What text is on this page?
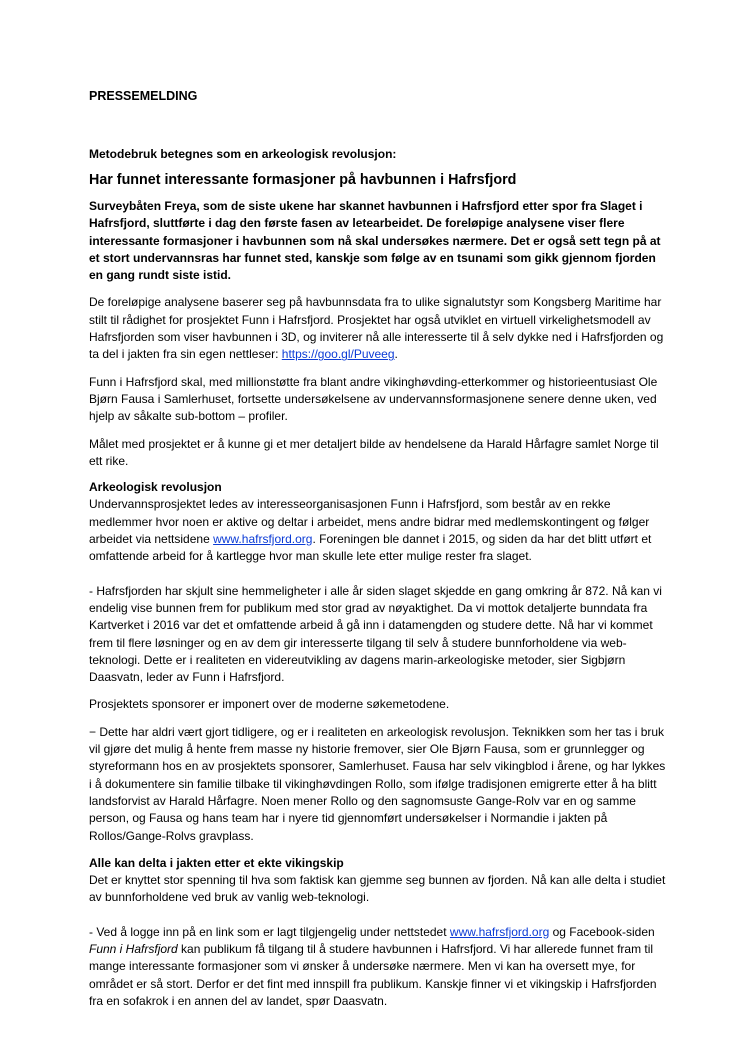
PRESSEMELDING

Metodebruk betegnes som en arkeologisk revolusjon:

Har funnet interessante formasjoner på havbunnen i Hafrsfjord

Surveybåten Freya, som de siste ukene har skannet havbunnen i Hafrsfjord etter spor fra Slaget i Hafrsfjord, sluttførte i dag den første fasen av letearbeidet. De foreløpige analysene viser flere interessante formasjoner i havbunnen som nå skal undersøkes nærmere. Det er også sett tegn på at et stort undervannsras har funnet sted, kanskje som følge av en tsunami som gikk gjennom fjorden en gang rundt siste istid.

De foreløpige analysene baserer seg på havbunnsdata fra to ulike signalutstyr som Kongsberg Maritime har stilt til rådighet for prosjektet Funn i Hafrsfjord. Prosjektet har også utviklet en virtuell virkelighetsmodell av Hafrsfjorden som viser havbunnen i 3D, og inviterer nå alle interesserte til å selv dykke ned i Hafrsfjorden og ta del i jakten fra sin egen nettleser: https://goo.gl/Puveeg.

Funn i Hafrsfjord skal, med millionstøtte fra blant andre vikinghøvding-etterkommer og historieentusiast Ole Bjørn Fausa i Samlerhuset, fortsette undersøkelsene av undervannsformasjonene senere denne uken, ved hjelp av såkalte sub-bottom – profiler.

Målet med prosjektet er å kunne gi et mer detaljert bilde av hendelsene da Harald Hårfagre samlet Norge til ett rike.

Arkeologisk revolusjon

Undervannsprosjektet ledes av interesseorganisasjonen Funn i Hafrsfjord, som består av en rekke medlemmer hvor noen er aktive og deltar i arbeidet, mens andre bidrar med medlemskontingent og følger arbeidet via nettsidene www.hafrsfjord.org. Foreningen ble dannet i 2015, og siden da har det blitt utført et omfattende arbeid for å kartlegge hvor man skulle lete etter mulige rester fra slaget.

- Hafrsfjorden har skjult sine hemmeligheter i alle år siden slaget skjedde en gang omkring år 872. Nå kan vi endelig vise bunnen frem for publikum med stor grad av nøyaktighet. Da vi mottok detaljerte bunndata fra Kartverket i 2016 var det et omfattende arbeid å gå inn i datamengden og studere dette. Nå har vi kommet frem til flere løsninger og en av dem gir interesserte tilgang til selv å studere bunnforholdene via web-teknologi. Dette er i realiteten en videreutvikling av dagens marin-arkeologiske metoder, sier Sigbjørn Daasvatn, leder av Funn i Hafrsfjord.

Prosjektets sponsorer er imponert over de moderne søkemetodene.

− Dette har aldri vært gjort tidligere, og er i realiteten en arkeologisk revolusjon. Teknikken som her tas i bruk vil gjøre det mulig å hente frem masse ny historie fremover, sier Ole Bjørn Fausa, som er grunnlegger og styreformann hos en av prosjektets sponsorer, Samlerhuset. Fausa har selv vikingblod i årene, og har lykkes i å dokumentere sin familie tilbake til vikinghøvdingen Rollo, som ifølge tradisjonen emigrerte etter å ha blitt landsforvist av Harald Hårfagre. Noen mener Rollo og den sagnomsuste Gange-Rolv var en og samme person, og Fausa og hans team har i nyere tid gjennomført undersøkelser i Normandie i jakten på Rollos/Gange-Rolvs gravplass.

Alle kan delta i jakten etter et ekte vikingskip

Det er knyttet stor spenning til hva som faktisk kan gjemme seg bunnen av fjorden. Nå kan alle delta i studiet av bunnforholdene ved bruk av vanlig web-teknologi.

- Ved å logge inn på en link som er lagt tilgjengelig under nettstedet www.hafrsfjord.org og Facebook-siden Funn i Hafrsfjord kan publikum få tilgang til å studere havbunnen i Hafrsfjord. Vi har allerede funnet fram til mange interessante formasjoner som vi ønsker å undersøke nærmere. Men vi kan ha oversett mye, for området er så stort. Derfor er det fint med innspill fra publikum. Kanskje finner vi et vikingskip i Hafrsfjorden fra en sofakrok i en annen del av landet, spør Daasvatn.
